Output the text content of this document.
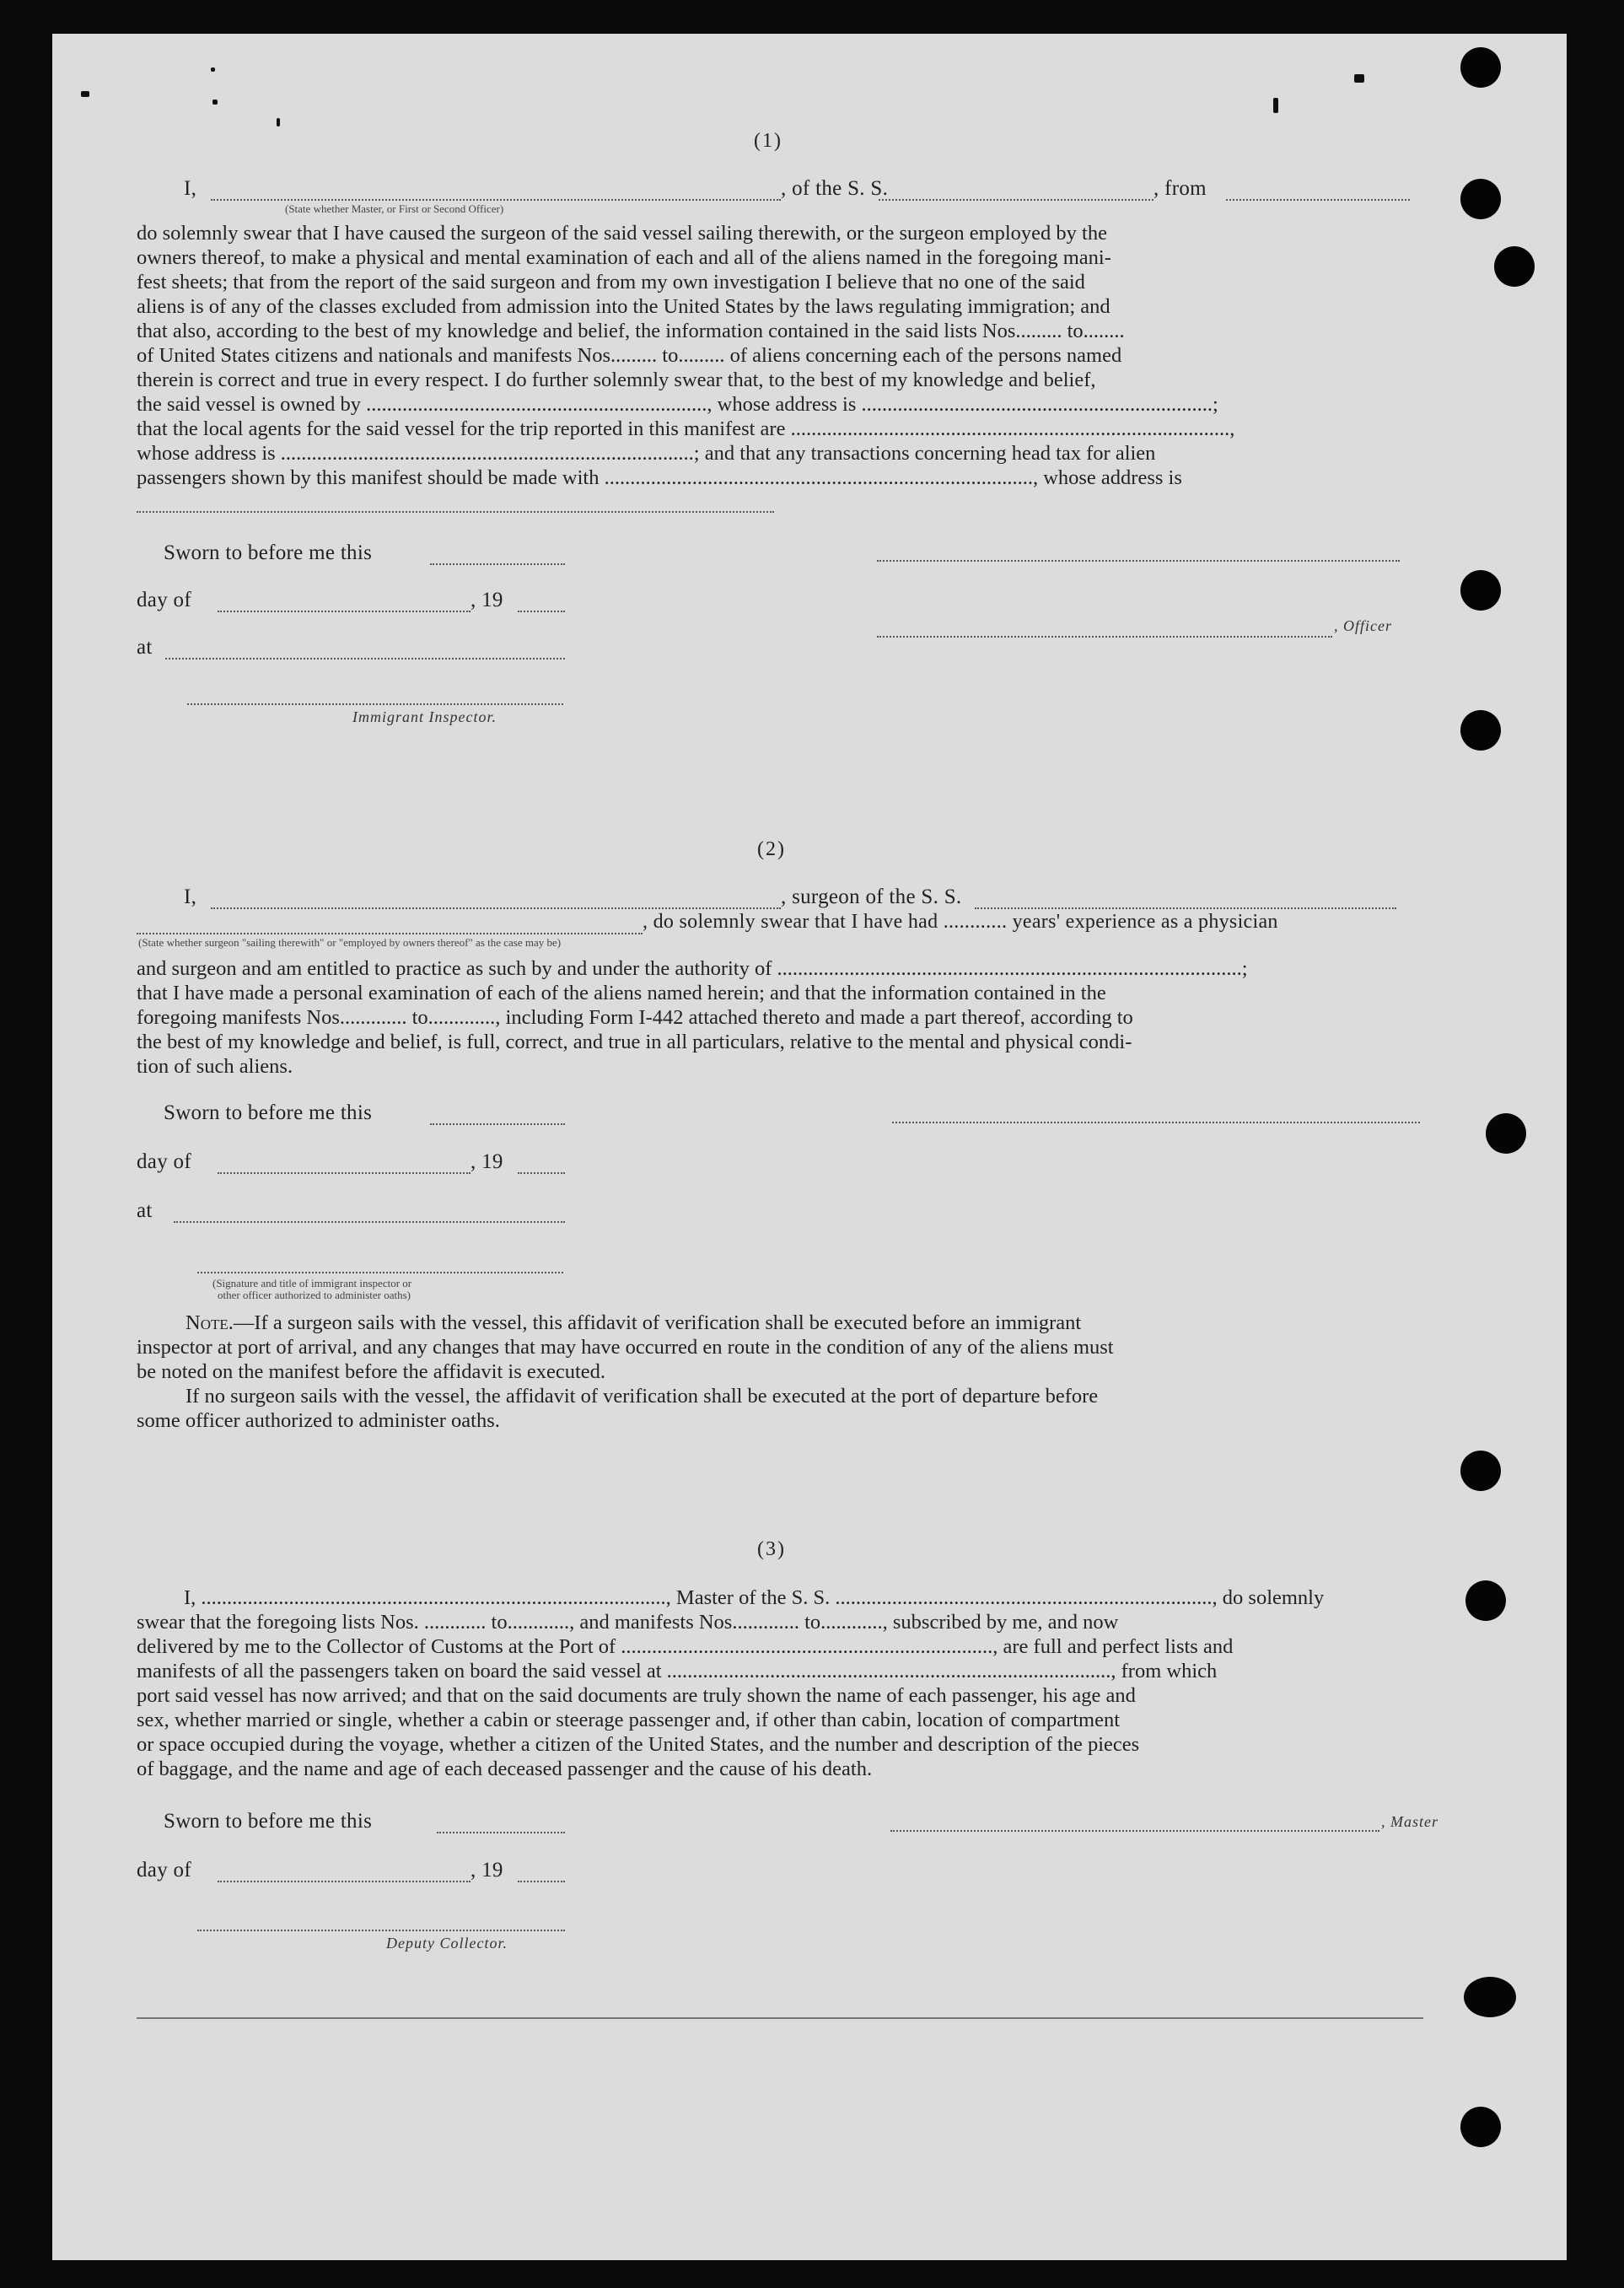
(1)
I,
(State whether Master, or First or Second Officer)
, of the S. S.	, from
do solemnly swear that I have caused the surgeon of the said vessel sailing therewith, or the surgeon employed by the
owners thereof, to make a physical and mental examination of each and all of the aliens named in the foregoing mani-
fest sheets; that from the report of the said surgeon and from my own investigation I believe that no one of the said
aliens is of any of the classes excluded from admission into the United States by the laws regulating immigration; and
that also, according to the best of my knowledge and belief, the information contained in the said lists Nos......... to........
of United States citizens and nationals and manifests Nos......... to......... of aliens concerning each of the persons named
therein is correct and true in every respect. I do further solemnly swear that, to the best of my knowledge and belief,
the said vessel is owned by .................................................................., whose address is ....................................................................;
that the local agents for the said vessel for the trip reported in this manifest are .....................................................................................,
whose address is ................................................................................; and that any transactions concerning head tax for alien
passengers shown by this manifest should be made with ..................................................................................., whose address is
Sworn to before me this
day of	, 19
, Officer
at
Immigrant Inspector.
(2)
I,	, surgeon of the S. S.
, do solemnly swear that I have had ............ years' experience as a physician
(State whether surgeon "sailing therewith" or "employed by owners thereof" as the case may be)
and surgeon and am entitled to practice as such by and under the authority of ..........................................................................................;
that I have made a personal examination of each of the aliens named herein; and that the information contained in the
foregoing manifests Nos............. to............., including Form I-442 attached thereto and made a part thereof, according to
the best of my knowledge and belief, is full, correct, and true in all particulars, relative to the mental and physical condi-
tion of such aliens.
Sworn to before me this
day of	, 19
at
(Signature and title of immigrant inspector or
other officer authorized to administer oaths)
Note.—If a surgeon sails with the vessel, this affidavit of verification shall be executed before an immigrant
inspector at port of arrival, and any changes that may have occurred en route in the condition of any of the aliens must
be noted on the manifest before the affidavit is executed.
If no surgeon sails with the vessel, the affidavit of verification shall be executed at the port of departure before
some officer authorized to administer oaths.
(3)
I, .........................................................................................., Master of the S. S. ........................................................................., do solemnly
swear that the foregoing lists Nos. ............ to............, and manifests Nos............. to............, subscribed by me, and now
delivered by me to the Collector of Customs at the Port of ........................................................................, are full and perfect lists and
manifests of all the passengers taken on board the said vessel at ......................................................................................, from which
port said vessel has now arrived; and that on the said documents are truly shown the name of each passenger, his age and
sex, whether married or single, whether a cabin or steerage passenger and, if other than cabin, location of compartment
or space occupied during the voyage, whether a citizen of the United States, and the number and description of the pieces
of baggage, and the name and age of each deceased passenger and the cause of his death.
Sworn to before me this	, Master
day of	, 19
Deputy Collector.
